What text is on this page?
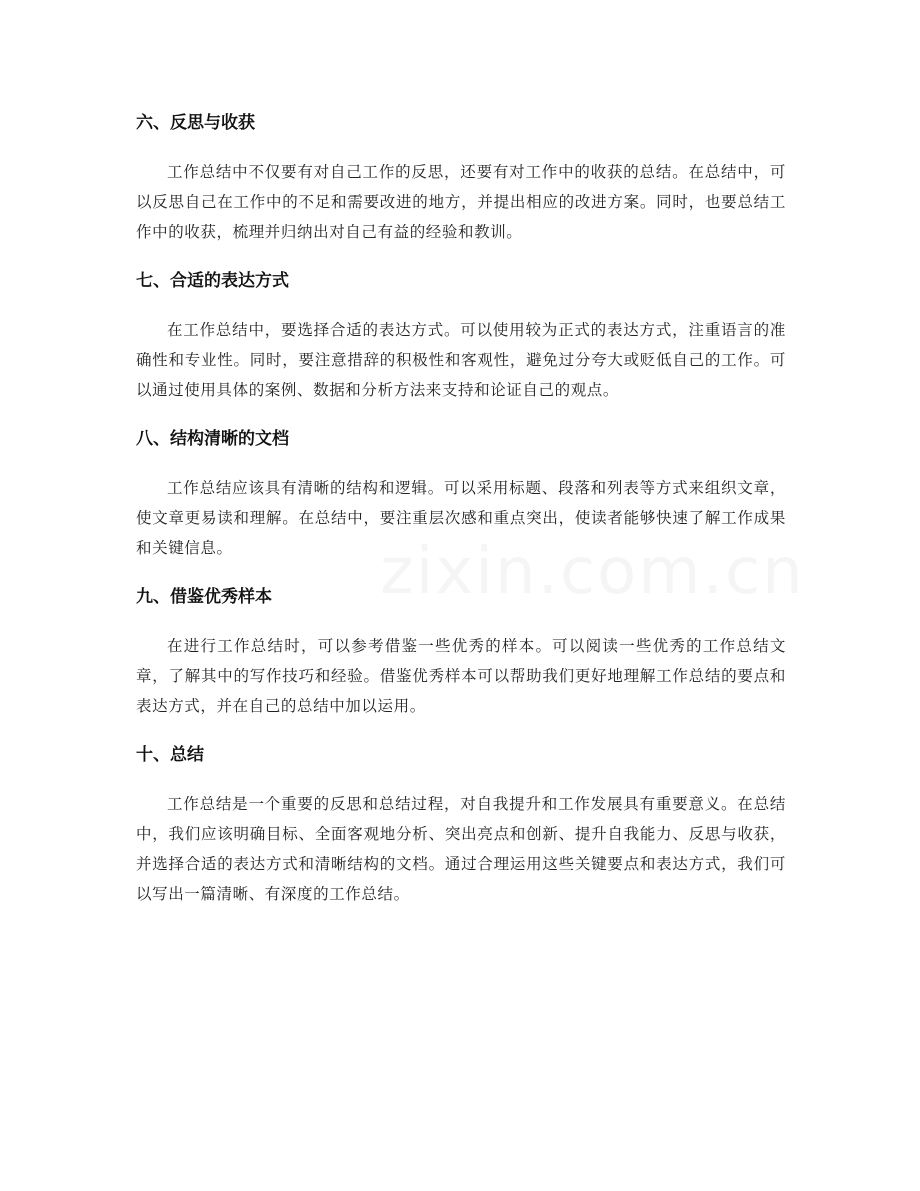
六、反思与收获

工作总结中不仅要有对自己工作的反思，还要有对工作中的收获的总结。在总结中，可以反思自己在工作中的不足和需要改进的地方，并提出相应的改进方案。同时，也要总结工作中的收获，梳理并归纳出对自己有益的经验和教训。

七、合适的表达方式

在工作总结中，要选择合适的表达方式。可以使用较为正式的表达方式，注重语言的准确性和专业性。同时，要注意措辞的积极性和客观性，避免过分夸大或贬低自己的工作。可以通过使用具体的案例、数据和分析方法来支持和论证自己的观点。

八、结构清晰的文档

工作总结应该具有清晰的结构和逻辑。可以采用标题、段落和列表等方式来组织文章，使文章更易读和理解。在总结中，要注重层次感和重点突出，使读者能够快速了解工作成果和关键信息。

九、借鉴优秀样本

在进行工作总结时，可以参考借鉴一些优秀的样本。可以阅读一些优秀的工作总结文章，了解其中的写作技巧和经验。借鉴优秀样本可以帮助我们更好地理解工作总结的要点和表达方式，并在自己的总结中加以运用。

十、总结

工作总结是一个重要的反思和总结过程，对自我提升和工作发展具有重要意义。在总结中，我们应该明确目标、全面客观地分析、突出亮点和创新、提升自我能力、反思与收获，并选择合适的表达方式和清晰结构的文档。通过合理运用这些关键要点和表达方式，我们可以写出一篇清晰、有深度的工作总结。
